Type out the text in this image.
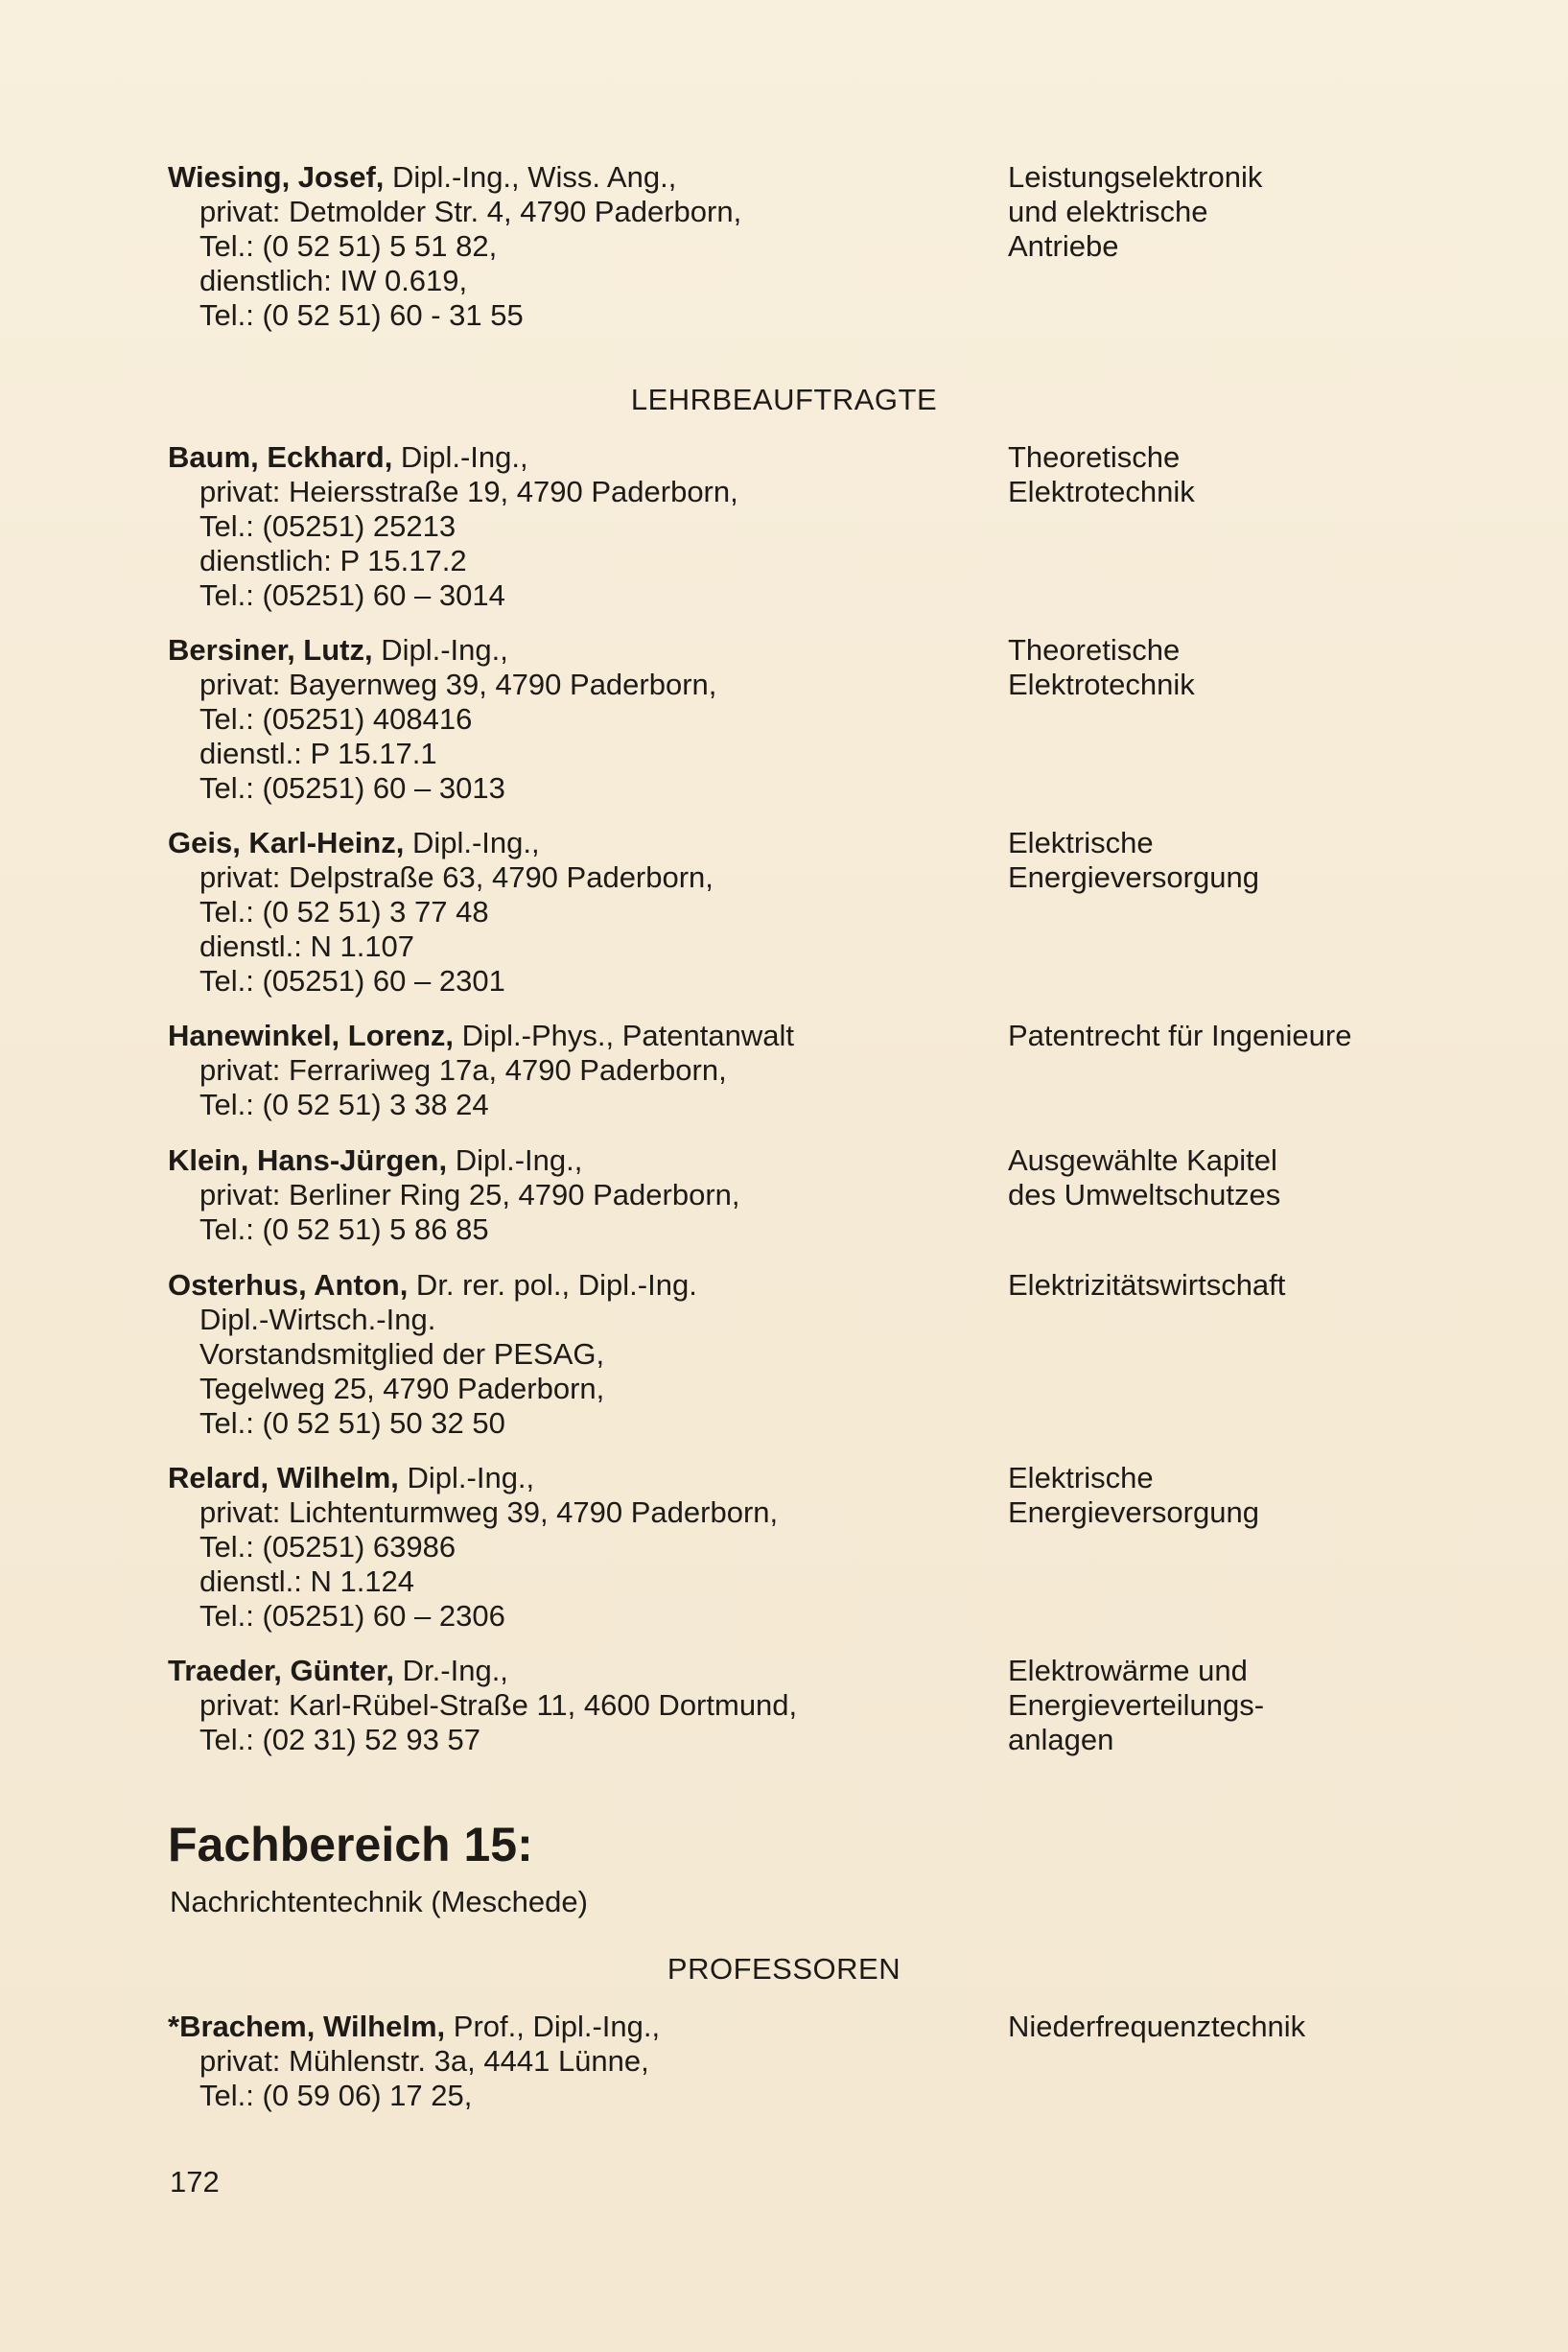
Wiesing, Josef, Dipl.-Ing., Wiss. Ang.,
privat: Detmolder Str. 4, 4790 Paderborn,
Tel.: (0 52 51) 5 51 82,
dienstlich: IW 0.619,
Tel.: (0 52 51) 60 - 31 55
Leistungselektronik
und elektrische
Antriebe
LEHRBEAUFTRAGTE
Baum, Eckhard, Dipl.-Ing.,
privat: Heiersstraße 19, 4790 Paderborn,
Tel.: (05251) 25213
dienstlich: P 15.17.2
Tel.: (05251) 60 – 3014
Theoretische
Elektrotechnik
Bersiner, Lutz, Dipl.-Ing.,
privat: Bayernweg 39, 4790 Paderborn,
Tel.: (05251) 408416
dienstl.: P 15.17.1
Tel.: (05251) 60 – 3013
Theoretische
Elektrotechnik
Geis, Karl-Heinz, Dipl.-Ing.,
privat: Delpstraße 63, 4790 Paderborn,
Tel.: (0 52 51) 3 77 48
dienstl.: N 1.107
Tel.: (05251) 60 – 2301
Elektrische
Energieversorgung
Hanewinkel, Lorenz, Dipl.-Phys., Patentanwalt
privat: Ferrariweg 17a, 4790 Paderborn,
Tel.: (0 52 51) 3 38 24
Patentrecht für Ingenieure
Klein, Hans-Jürgen, Dipl.-Ing.,
privat: Berliner Ring 25, 4790 Paderborn,
Tel.: (0 52 51) 5 86 85
Ausgewählte Kapitel
des Umweltschutzes
Osterhus, Anton, Dr. rer. pol., Dipl.-Ing.
Dipl.-Wirtsch.-Ing.
Vorstandsmitglied der PESAG,
Tegelweg 25, 4790 Paderborn,
Tel.: (0 52 51) 50 32 50
Elektrizitätswirtschaft
Relard, Wilhelm, Dipl.-Ing.,
privat: Lichtenturmweg 39, 4790 Paderborn,
Tel.: (05251) 63986
dienstl.: N 1.124
Tel.: (05251) 60 – 2306
Elektrische
Energieversorgung
Traeder, Günter, Dr.-Ing.,
privat: Karl-Rübel-Straße 11, 4600 Dortmund,
Tel.: (02 31) 52 93 57
Elektrowärme und
Energieverteilungs-
anlagen
Fachbereich 15:
Nachrichtentechnik (Meschede)
PROFESSOREN
*Brachem, Wilhelm, Prof., Dipl.-Ing.,
privat: Mühlenstr. 3a, 4441 Lünne,
Tel.: (0 59 06) 17 25,
Niederfrequenztechnik
172
